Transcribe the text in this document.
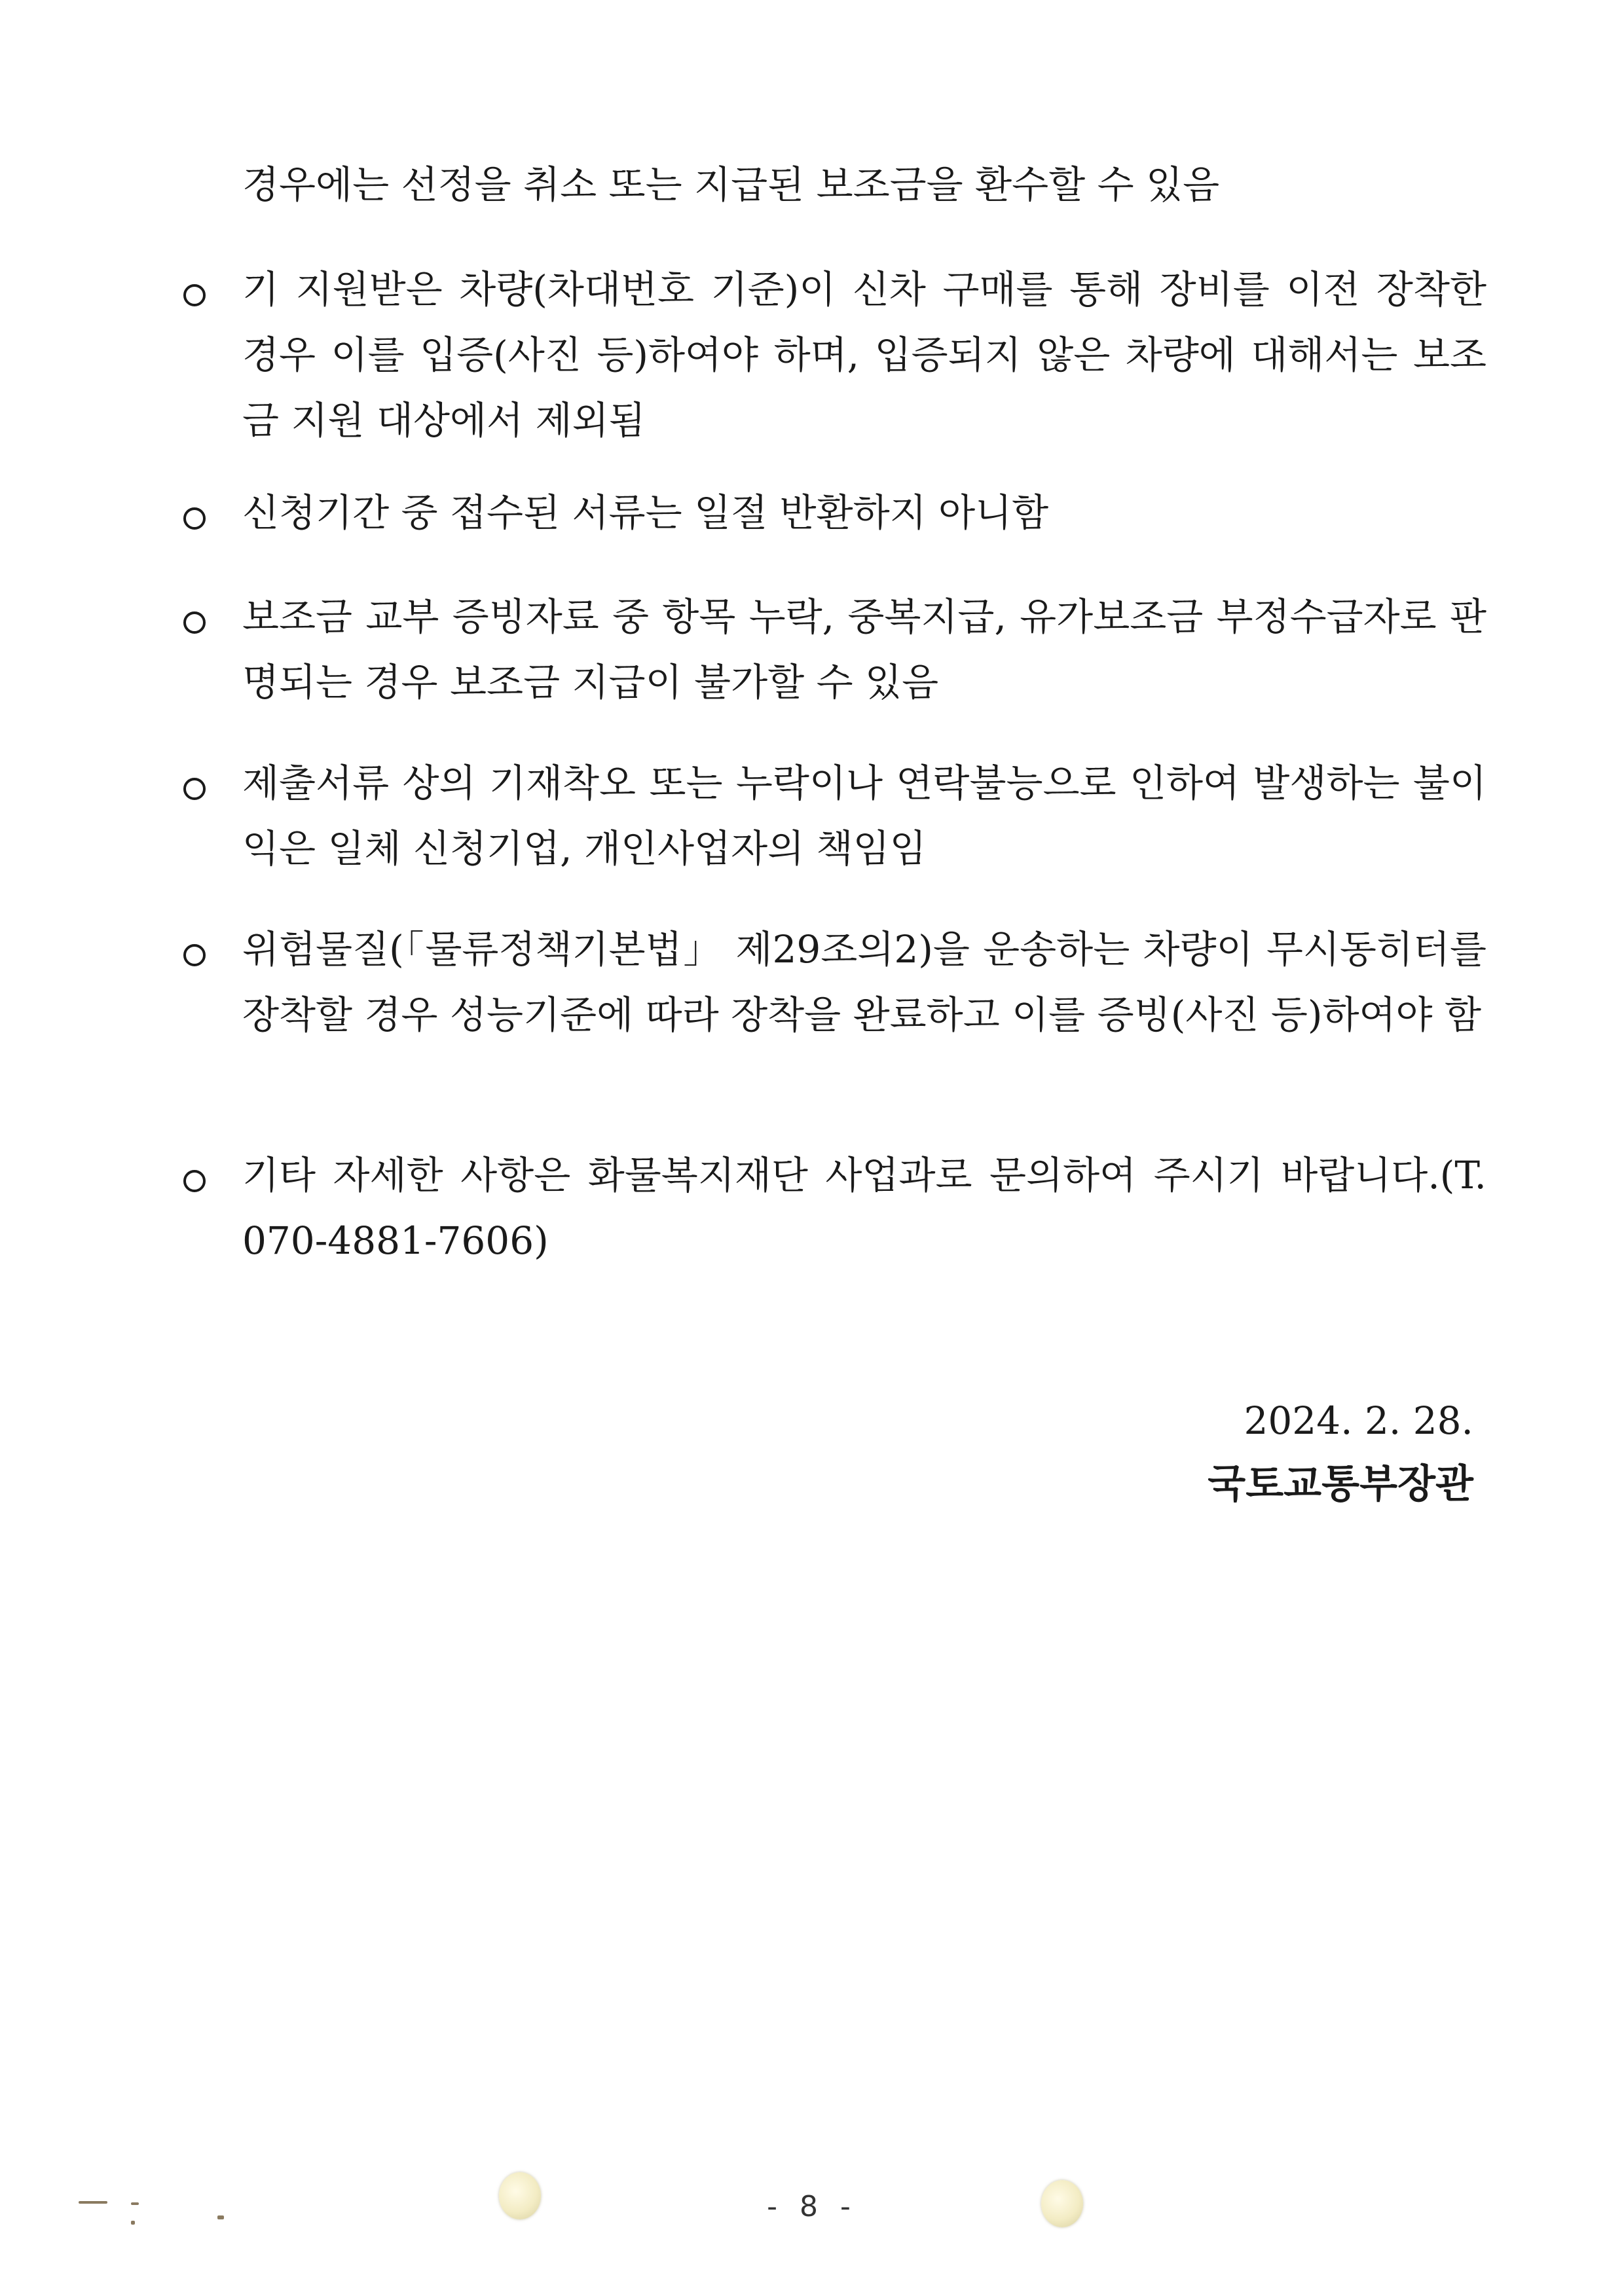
경우에는 선정을 취소 또는 지급된 보조금을 환수할 수 있음
기 지원받은 차량(차대번호 기준)이 신차 구매를 통해 장비를 이전 장착한 경우 이를 입증(사진 등)하여야 하며, 입증되지 않은 차량에 대해서는 보조금 지원 대상에서 제외됨
신청기간 중 접수된 서류는 일절 반환하지 아니함
보조금 교부 증빙자료 중 항목 누락, 중복지급, 유가보조금 부정수급자로 판명되는 경우 보조금 지급이 불가할 수 있음
제출서류 상의 기재착오 또는 누락이나 연락불능으로 인하여 발생하는 불이익은 일체 신청기업, 개인사업자의 책임임
위험물질(「물류정책기본법」 제29조의2)을 운송하는 차량이 무시동히터를 장착할 경우 성능기준에 따라 장착을 완료하고 이를 증빙(사진 등)하여야 함
기타 자세한 사항은 화물복지재단 사업과로 문의하여 주시기 바랍니다.(T. 070-4881-7606)
2024. 2. 28.
국토교통부장관
- 8 -
